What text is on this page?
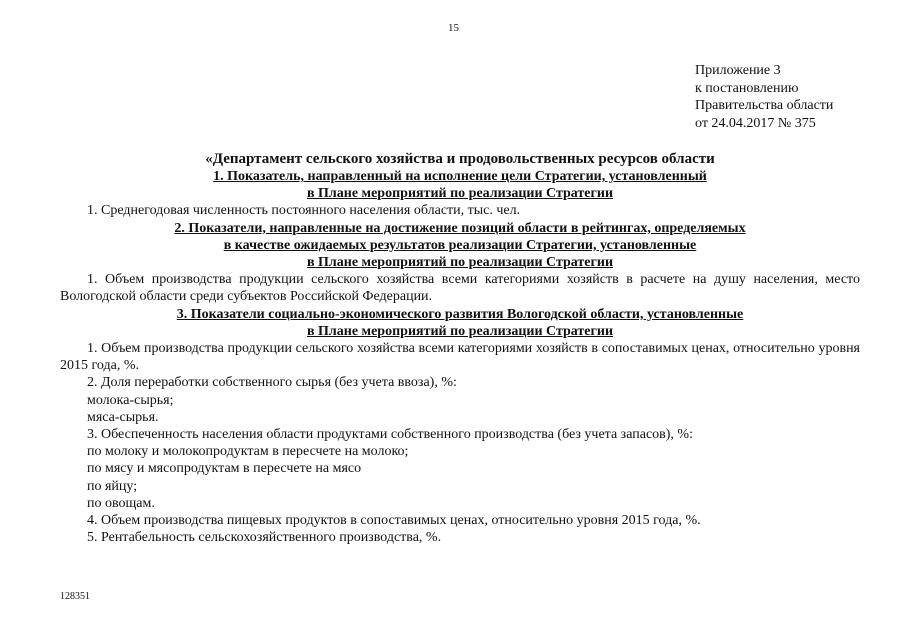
15
Приложение 3
к постановлению
Правительства области
от 24.04.2017 № 375
«Департамент сельского хозяйства и продовольственных ресурсов области
1. Показатель, направленный на исполнение цели Стратегии, установленный
в Плане мероприятий по реализации Стратегии
1. Среднегодовая численность постоянного населения области, тыс. чел.
2. Показатели, направленные на достижение позиций области в рейтингах, определяемых
в качестве ожидаемых результатов реализации Стратегии, установленные
в Плане мероприятий по реализации Стратегии
1. Объем производства продукции сельского хозяйства всеми категориями хозяйств в расчете на душу населения, место Вологодской области среди субъектов Российской Федерации.
3. Показатели социально-экономического развития Вологодской области, установленные
в Плане мероприятий по реализации Стратегии
1. Объем производства продукции сельского хозяйства всеми категориями хозяйств в сопоставимых ценах, относительно уровня 2015 года, %.
2. Доля переработки собственного сырья (без учета ввоза), %:
молока-сырья;
мяса-сырья.
3. Обеспеченность населения области продуктами собственного производства (без учета запасов), %:
по молоку и молокопродуктам в пересчете на молоко;
по мясу и мясопродуктам в пересчете на мясо
по яйцу;
по овощам.
4. Объем производства пищевых продуктов в сопоставимых ценах, относительно уровня 2015 года, %.
5. Рентабельность сельскохозяйственного производства, %.
128351
